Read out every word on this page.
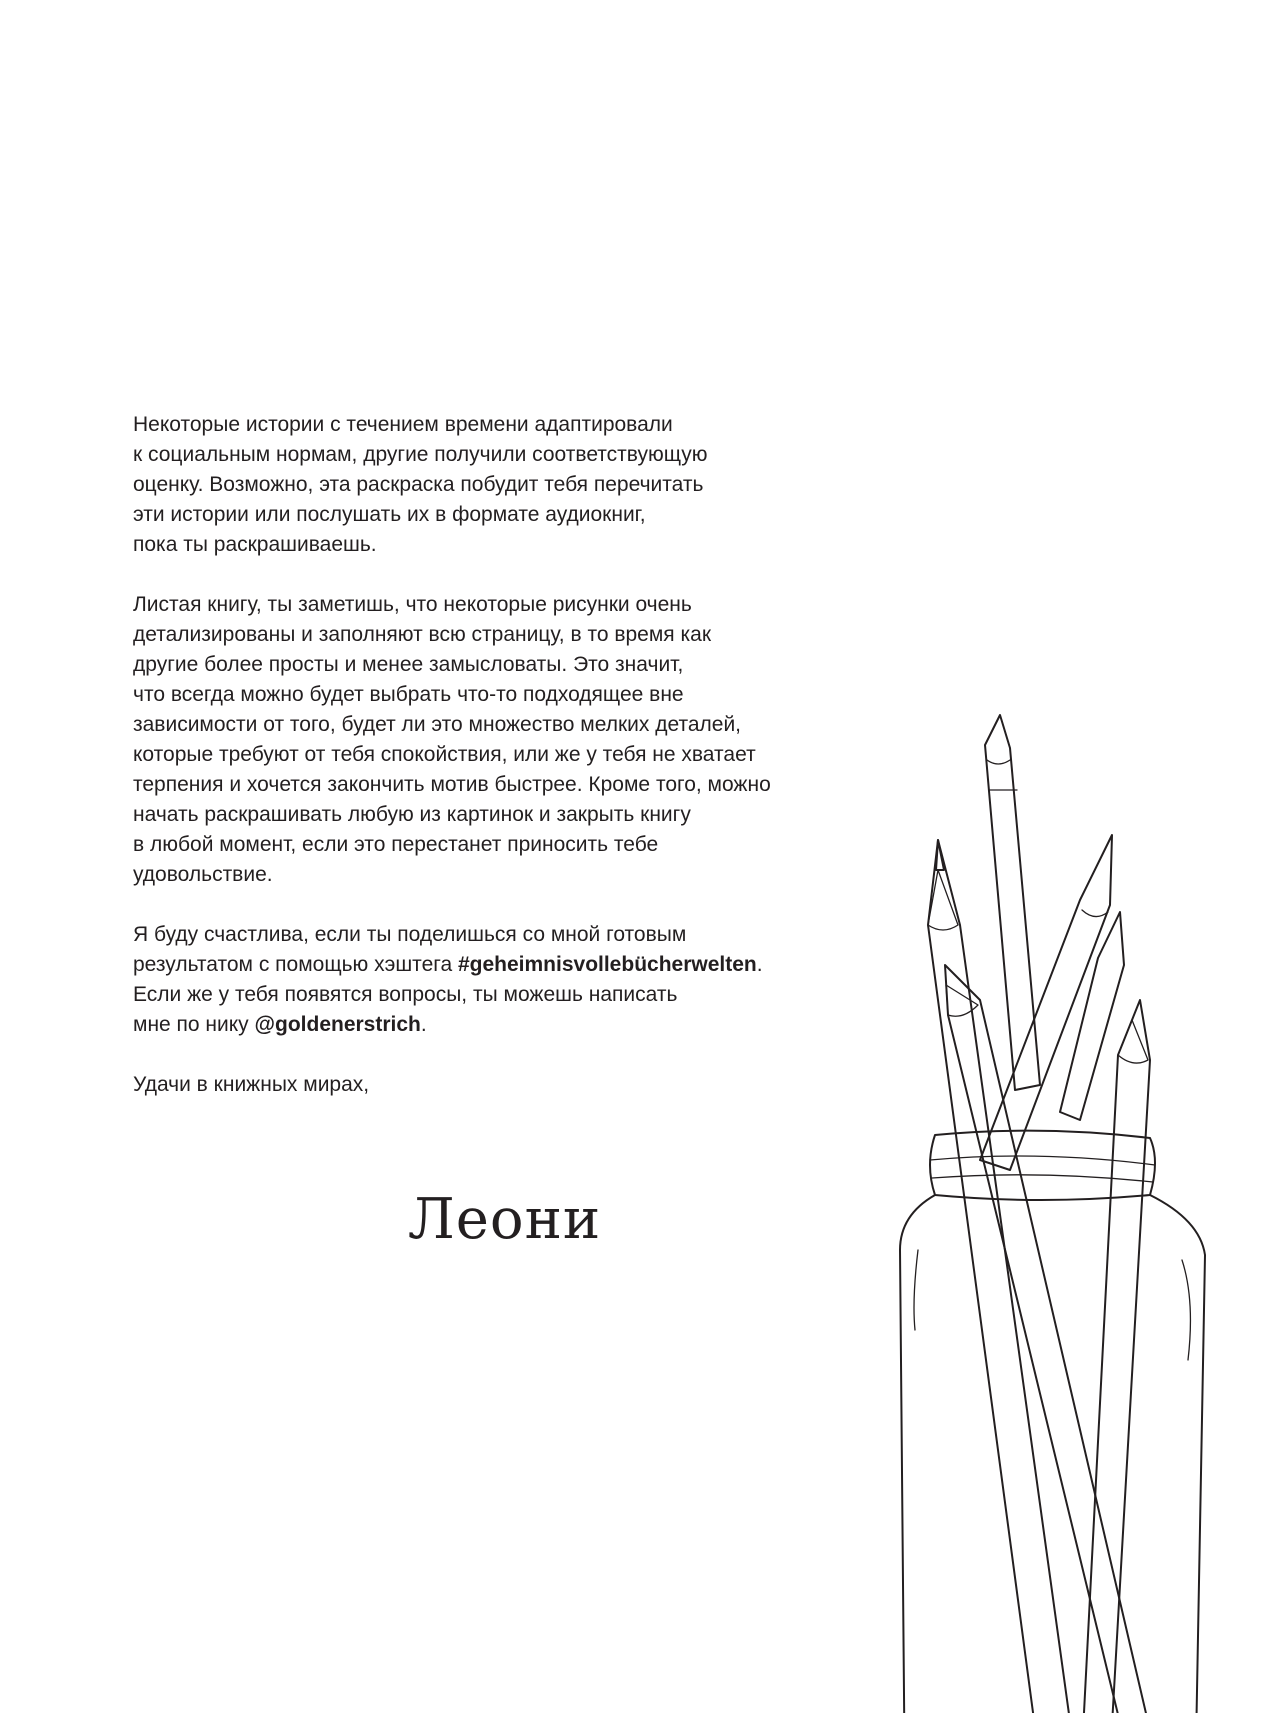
Некоторые истории с течением времени адаптировали
к социальным нормам, другие получили соответствующую
оценку. Возможно, эта раскраска побудит тебя перечитать
эти истории или послушать их в формате аудиокниг,
пока ты раскрашиваешь.

Листая книгу, ты заметишь, что некоторые рисунки очень
детализированы и заполняют всю страницу, в то время как
другие более просты и менее замысловаты. Это значит,
что всегда можно будет выбрать что-то подходящее вне
зависимости от того, будет ли это множество мелких деталей,
которые требуют от тебя спокойствия, или же у тебя не хватает
терпения и хочется закончить мотив быстрее. Кроме того, можно
начать раскрашивать любую из картинок и закрыть книгу
в любой момент, если это перестанет приносить тебе
удовольствие.

Я буду счастлива, если ты поделишься со мной готовым
результатом с помощью хэштега #geheimnisvollebücherwelten.
Если же у тебя появятся вопросы, ты можешь написать
мне по нику @goldenerstrich.

Удачи в книжных мирах,

Леони
